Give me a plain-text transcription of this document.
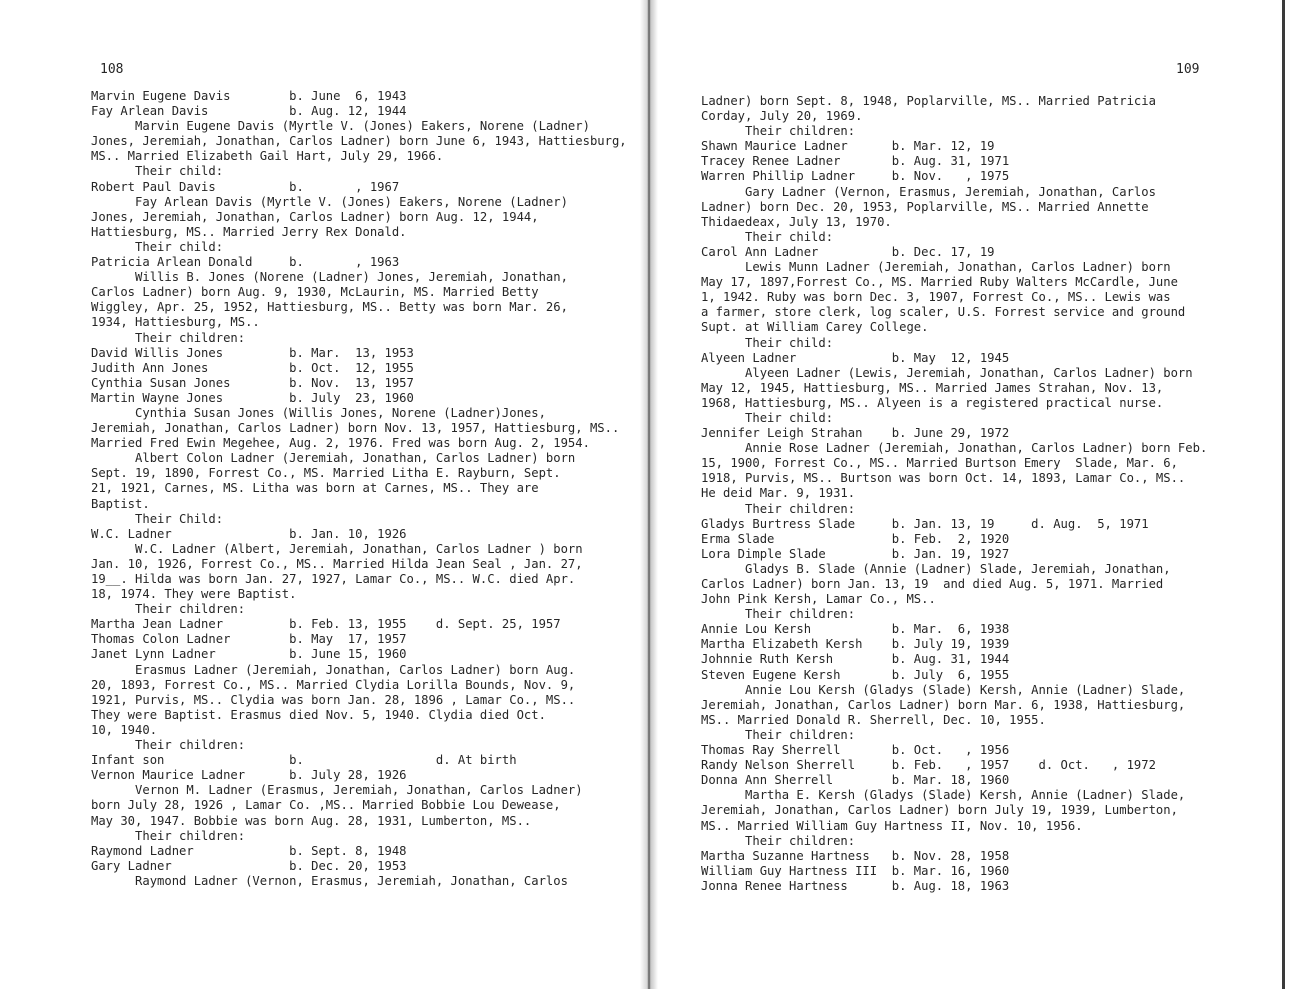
108
Marvin Eugene Davis        b. June  6, 1943
Fay Arlean Davis           b. Aug. 12, 1944
Marvin Eugene Davis (Myrtle V. (Jones) Eakers, Norene (Ladner)
Jones, Jeremiah, Jonathan, Carlos Ladner) born June 6, 1943, Hattiesburg,
MS.. Married Elizabeth Gail Hart, July 29, 1966.
Their child:
Robert Paul Davis          b.       , 1967
Fay Arlean Davis (Myrtle V. (Jones) Eakers, Norene (Ladner)
Jones, Jeremiah, Jonathan, Carlos Ladner) born Aug. 12, 1944,
Hattiesburg, MS.. Married Jerry Rex Donald.
Their child:
Patricia Arlean Donald     b.       , 1963
Willis B. Jones (Norene (Ladner) Jones, Jeremiah, Jonathan,
Carlos Ladner) born Aug. 9, 1930, McLaurin, MS. Married Betty
Wiggley, Apr. 25, 1952, Hattiesburg, MS.. Betty was born Mar. 26,
1934, Hattiesburg, MS..
Their children:
David Willis Jones         b. Mar.  13, 1953
Judith Ann Jones           b. Oct.  12, 1955
Cynthia Susan Jones        b. Nov.  13, 1957
Martin Wayne Jones         b. July  23, 1960
Cynthia Susan Jones (Willis Jones, Norene (Ladner)Jones,
Jeremiah, Jonathan, Carlos Ladner) born Nov. 13, 1957, Hattiesburg, MS..
Married Fred Ewin Megehee, Aug. 2, 1976. Fred was born Aug. 2, 1954.
Albert Colon Ladner (Jeremiah, Jonathan, Carlos Ladner) born
Sept. 19, 1890, Forrest Co., MS. Married Litha E. Rayburn, Sept.
21, 1921, Carnes, MS. Litha was born at Carnes, MS.. They are
Baptist.
Their Child:
W.C. Ladner                b. Jan. 10, 1926
W.C. Ladner (Albert, Jeremiah, Jonathan, Carlos Ladner ) born
Jan. 10, 1926, Forrest Co., MS.. Married Hilda Jean Seal , Jan. 27,
19__. Hilda was born Jan. 27, 1927, Lamar Co., MS.. W.C. died Apr.
18, 1974. They were Baptist.
Their children:
Martha Jean Ladner         b. Feb. 13, 1955    d. Sept. 25, 1957
Thomas Colon Ladner        b. May  17, 1957
Janet Lynn Ladner          b. June 15, 1960
Erasmus Ladner (Jeremiah, Jonathan, Carlos Ladner) born Aug.
20, 1893, Forrest Co., MS.. Married Clydia Lorilla Bounds, Nov. 9,
1921, Purvis, MS.. Clydia was born Jan. 28, 1896 , Lamar Co., MS..
They were Baptist. Erasmus died Nov. 5, 1940. Clydia died Oct.
10, 1940.
Their children:
Infant son                 b.                  d. At birth
Vernon Maurice Ladner      b. July 28, 1926
Vernon M. Ladner (Erasmus, Jeremiah, Jonathan, Carlos Ladner)
born July 28, 1926 , Lamar Co. ,MS.. Married Bobbie Lou Dewease,
May 30, 1947. Bobbie was born Aug. 28, 1931, Lumberton, MS..
Their children:
Raymond Ladner             b. Sept. 8, 1948
Gary Ladner                b. Dec. 20, 1953
Raymond Ladner (Vernon, Erasmus, Jeremiah, Jonathan, Carlos
109
Ladner) born Sept. 8, 1948, Poplarville, MS.. Married Patricia
Corday, July 20, 1969.
Their children:
Shawn Maurice Ladner      b. Mar. 12, 19
Tracey Renee Ladner       b. Aug. 31, 1971
Warren Phillip Ladner     b. Nov.   , 1975
Gary Ladner (Vernon, Erasmus, Jeremiah, Jonathan, Carlos
Ladner) born Dec. 20, 1953, Poplarville, MS.. Married Annette
Thidaedeax, July 13, 1970.
Their child:
Carol Ann Ladner          b. Dec. 17, 19
Lewis Munn Ladner (Jeremiah, Jonathan, Carlos Ladner) born
May 17, 1897,Forrest Co., MS. Married Ruby Walters McCardle, June
1, 1942. Ruby was born Dec. 3, 1907, Forrest Co., MS.. Lewis was
a farmer, store clerk, log scaler, U.S. Forrest service and ground
Supt. at William Carey College.
Their child:
Alyeen Ladner             b. May  12, 1945
Alyeen Ladner (Lewis, Jeremiah, Jonathan, Carlos Ladner) born
May 12, 1945, Hattiesburg, MS.. Married James Strahan, Nov. 13,
1968, Hattiesburg, MS.. Alyeen is a registered practical nurse.
Their child:
Jennifer Leigh Strahan    b. June 29, 1972
Annie Rose Ladner (Jeremiah, Jonathan, Carlos Ladner) born Feb.
15, 1900, Forrest Co., MS.. Married Burtson Emery  Slade, Mar. 6,
1918, Purvis, MS.. Burtson was born Oct. 14, 1893, Lamar Co., MS..
He deid Mar. 9, 1931.
Their children:
Gladys Burtress Slade     b. Jan. 13, 19     d. Aug.  5, 1971
Erma Slade                b. Feb.  2, 1920
Lora Dimple Slade         b. Jan. 19, 1927
Gladys B. Slade (Annie (Ladner) Slade, Jeremiah, Jonathan,
Carlos Ladner) born Jan. 13, 19  and died Aug. 5, 1971. Married
John Pink Kersh, Lamar Co., MS..
Their children:
Annie Lou Kersh           b. Mar.  6, 1938
Martha Elizabeth Kersh    b. July 19, 1939
Johnnie Ruth Kersh        b. Aug. 31, 1944
Steven Eugene Kersh       b. July  6, 1955
Annie Lou Kersh (Gladys (Slade) Kersh, Annie (Ladner) Slade,
Jeremiah, Jonathan, Carlos Ladner) born Mar. 6, 1938, Hattiesburg,
MS.. Married Donald R. Sherrell, Dec. 10, 1955.
Their children:
Thomas Ray Sherrell       b. Oct.   , 1956
Randy Nelson Sherrell     b. Feb.   , 1957    d. Oct.   , 1972
Donna Ann Sherrell        b. Mar. 18, 1960
Martha E. Kersh (Gladys (Slade) Kersh, Annie (Ladner) Slade,
Jeremiah, Jonathan, Carlos Ladner) born July 19, 1939, Lumberton,
MS.. Married William Guy Hartness II, Nov. 10, 1956.
Their children:
Martha Suzanne Hartness   b. Nov. 28, 1958
William Guy Hartness III  b. Mar. 16, 1960
Jonna Renee Hartness      b. Aug. 18, 1963
